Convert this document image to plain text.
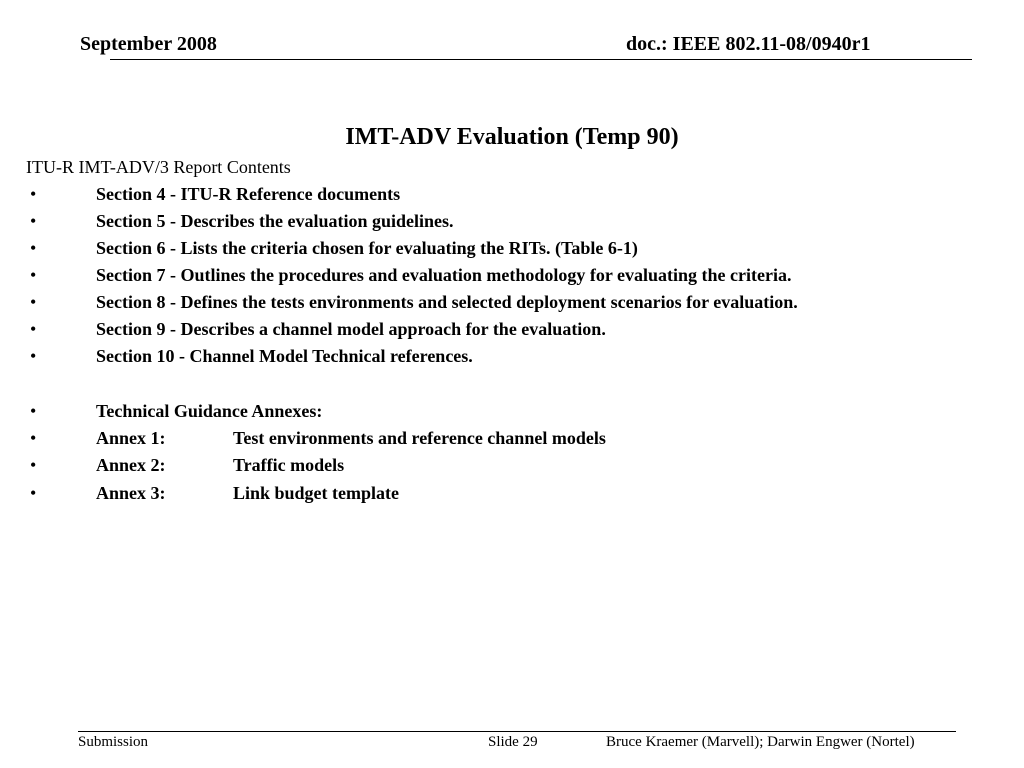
September 2008	doc.: IEEE 802.11-08/0940r1
IMT-ADV Evaluation (Temp 90)
ITU-R IMT-ADV/3 Report Contents
•	Section 4 - ITU-R Reference documents
•	Section 5 - Describes the evaluation guidelines.
•	Section 6 - Lists the criteria chosen for evaluating the RITs. (Table 6-1)
•	Section 7 - Outlines the procedures and evaluation methodology for evaluating the criteria.
•	Section 8 - Defines the tests environments and selected deployment scenarios for evaluation.
•	Section 9 - Describes a channel model approach for the evaluation.
•	Section 10 - Channel Model Technical references.
•	Technical Guidance Annexes:
•	Annex 1:	Test environments and reference channel models
•	Annex 2:	Traffic models
•	Annex 3:	Link budget template
Submission	Slide 29	Bruce Kraemer (Marvell); Darwin Engwer (Nortel)
